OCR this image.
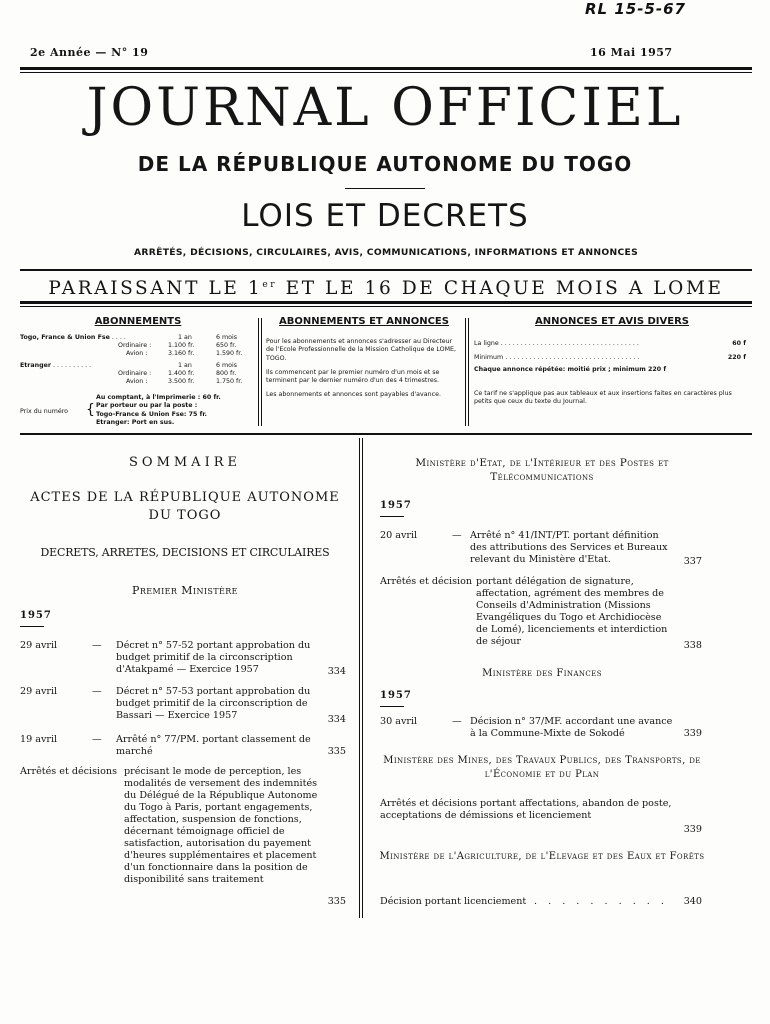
RL 15-5-67
2e Année — N° 19	16 Mai 1957
JOURNAL OFFICIEL
DE LA RÉPUBLIQUE AUTONOME DU TOGO
LOIS ET DECRETS
ARRÊTÉS, DÉCISIONS, CIRCULAIRES, AVIS, COMMUNICATIONS, INFORMATIONS ET ANNONCES
PARAISSANT LE 1er ET LE 16 DE CHAQUE MOIS A LOME
ABONNEMENTS
Togo, France & Union Fse . . . .	1 an	6 mois
Ordinaire :	1.100 fr.	650 fr.
Avion :	3.160 fr.	1.590 fr.
Etranger . . . . . . . . . .	1 an	6 mois
Ordinaire :	1.400 fr.	800 fr.
Avion :	3.500 fr.	1.750 fr.
Prix du numéro {
Au comptant, à l'Imprimerie : 60 fr.
Par porteur ou par la poste :
Togo-France & Union Fse: 75 fr.
Etranger: Port en sus.
ABONNEMENTS ET ANNONCES
Pour les abonnements et annonces s'adresser au Directeur de l'Ecole Professionnelle de la Mission Catholique de LOME, TOGO.
Ils commencent par le premier numéro d'un mois et se terminent par le dernier numéro d'un des 4 trimestres.
Les abonnements et annonces sont payables d'avance.
ANNONCES ET AVIS DIVERS
La ligne . . . . . . . . . . . . . . . . . . . . . . . . . . . . . . . . . . .	60 f
Minimum . . . . . . . . . . . . . . . . . . . . . . . . . . . . . . . . . .	220 f
Chaque annonce répétée: moitié prix ; minimum 220 f
Ce tarif ne s'applique pas aux tableaux et aux insertions faites en caractères plus petits que ceux du texte du Journal.
SOMMAIRE
ACTES DE LA RÉPUBLIQUE AUTONOME
DU TOGO
DECRETS, ARRETES, DECISIONS ET CIRCULAIRES
Premier Ministère
1957
29 avril	— Décret n° 57-52 portant approbation du budget primitif de la circonscription d'Atakpamé — Exercice 1957	334
29 avril	— Décret n° 57-53 portant approbation du budget primitif de la circonscription de Bassari — Exercice 1957	334
19 avril	— Arrêté n° 77/PM. portant classement de marché	335
Arrêtés et décisions précisant le mode de perception, les modalités de versement des indemnités du Délégué de la République Autonome du Togo à Paris, portant engagements, affectation, suspension de fonctions, décernant témoignage officiel de satisfaction, autorisation du payement d'heures supplémentaires et placement d'un fonctionnaire dans la position de disponibilité sans traitement
335
Ministère d'Etat, de l'Intérieur et des Postes et Télécommunications
1957
20 avril	— Arrêté n° 41/INT/PT. portant définition des attributions des Services et Bureaux relevant du Ministère d'Etat.	337
Arrêtés et décision portant délégation de signature, affectation, agrément des membres de Conseils d'Administration (Missions Evangéliques du Togo et Archidiocèse de Lomé), licenciements et interdiction de séjour	338
Ministère des Finances
1957
30 avril	— Décision n° 37/MF. accordant une avance à la Commune-Mixte de Sokodé	339
Ministère des Mines, des Travaux Publics, des Transports, de l'Économie et du Plan
Arrêtés et décisions portant affectations, abandon de poste, acceptations de démissions et licenciement
339
Ministère de l'Agriculture, de l'Elevage et des Eaux et Forêts
Décision portant licenciement . . . . . . . . . .	340
